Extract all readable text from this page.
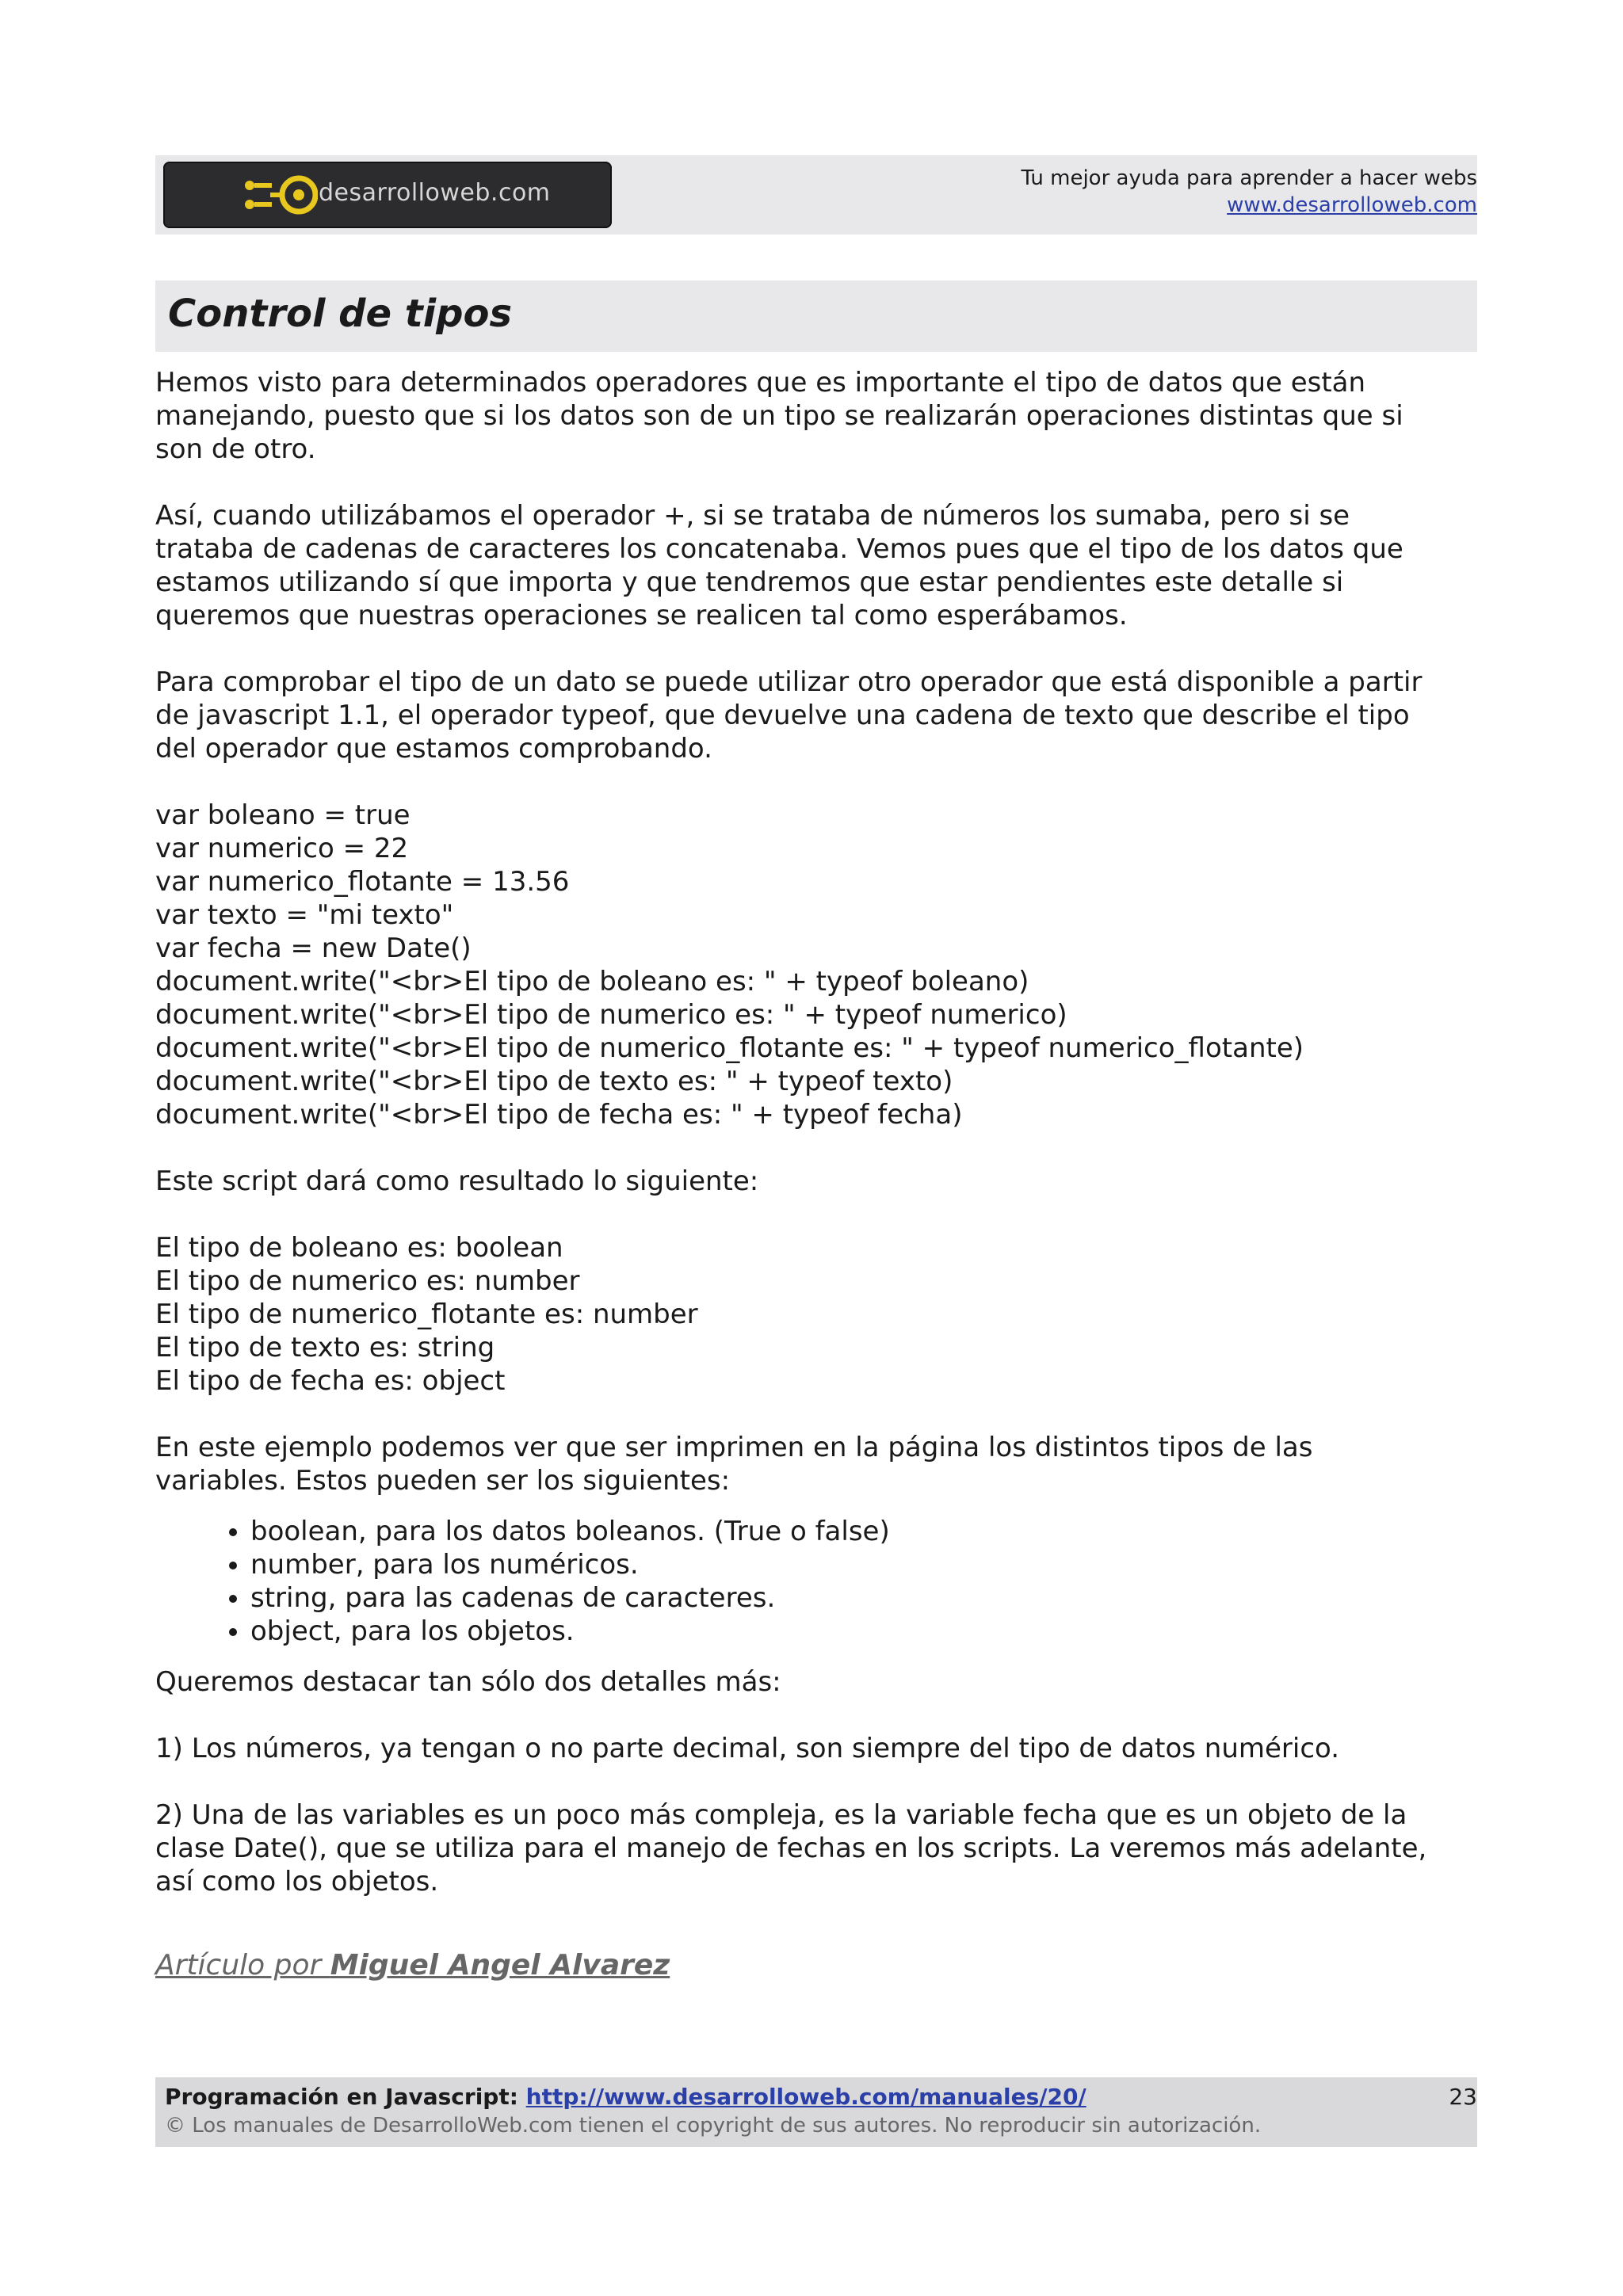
desarrolloweb.com
Tu mejor ayuda para aprender a hacer webs
www.desarrolloweb.com
Control de tipos

Hemos visto para determinados operadores que es importante el tipo de datos que están
manejando, puesto que si los datos son de un tipo se realizarán operaciones distintas que si
son de otro.

Así, cuando utilizábamos el operador +, si se trataba de números los sumaba, pero si se
trataba de cadenas de caracteres los concatenaba. Vemos pues que el tipo de los datos que
estamos utilizando sí que importa y que tendremos que estar pendientes este detalle si
queremos que nuestras operaciones se realicen tal como esperábamos.

Para comprobar el tipo de un dato se puede utilizar otro operador que está disponible a partir
de javascript 1.1, el operador typeof, que devuelve una cadena de texto que describe el tipo
del operador que estamos comprobando.

var boleano = true
var numerico = 22
var numerico_flotante = 13.56
var texto = "mi texto"
var fecha = new Date()
document.write("<br>El tipo de boleano es: " + typeof boleano)
document.write("<br>El tipo de numerico es: " + typeof numerico)
document.write("<br>El tipo de numerico_flotante es: " + typeof numerico_flotante)
document.write("<br>El tipo de texto es: " + typeof texto)
document.write("<br>El tipo de fecha es: " + typeof fecha)

Este script dará como resultado lo siguiente:

El tipo de boleano es: boolean
El tipo de numerico es: number
El tipo de numerico_flotante es: number
El tipo de texto es: string
El tipo de fecha es: object

En este ejemplo podemos ver que ser imprimen en la página los distintos tipos de las
variables. Estos pueden ser los siguientes:

• boolean, para los datos boleanos. (True o false)
• number, para los numéricos.
• string, para las cadenas de caracteres.
• object, para los objetos.

Queremos destacar tan sólo dos detalles más:

1) Los números, ya tengan o no parte decimal, son siempre del tipo de datos numérico.

2) Una de las variables es un poco más compleja, es la variable fecha que es un objeto de la
clase Date(), que se utiliza para el manejo de fechas en los scripts. La veremos más adelante,
así como los objetos.

Artículo por Miguel Angel Alvarez
Programación en Javascript: http://www.desarrolloweb.com/manuales/20/	23
© Los manuales de DesarrolloWeb.com tienen el copyright de sus autores. No reproducir sin autorización.
